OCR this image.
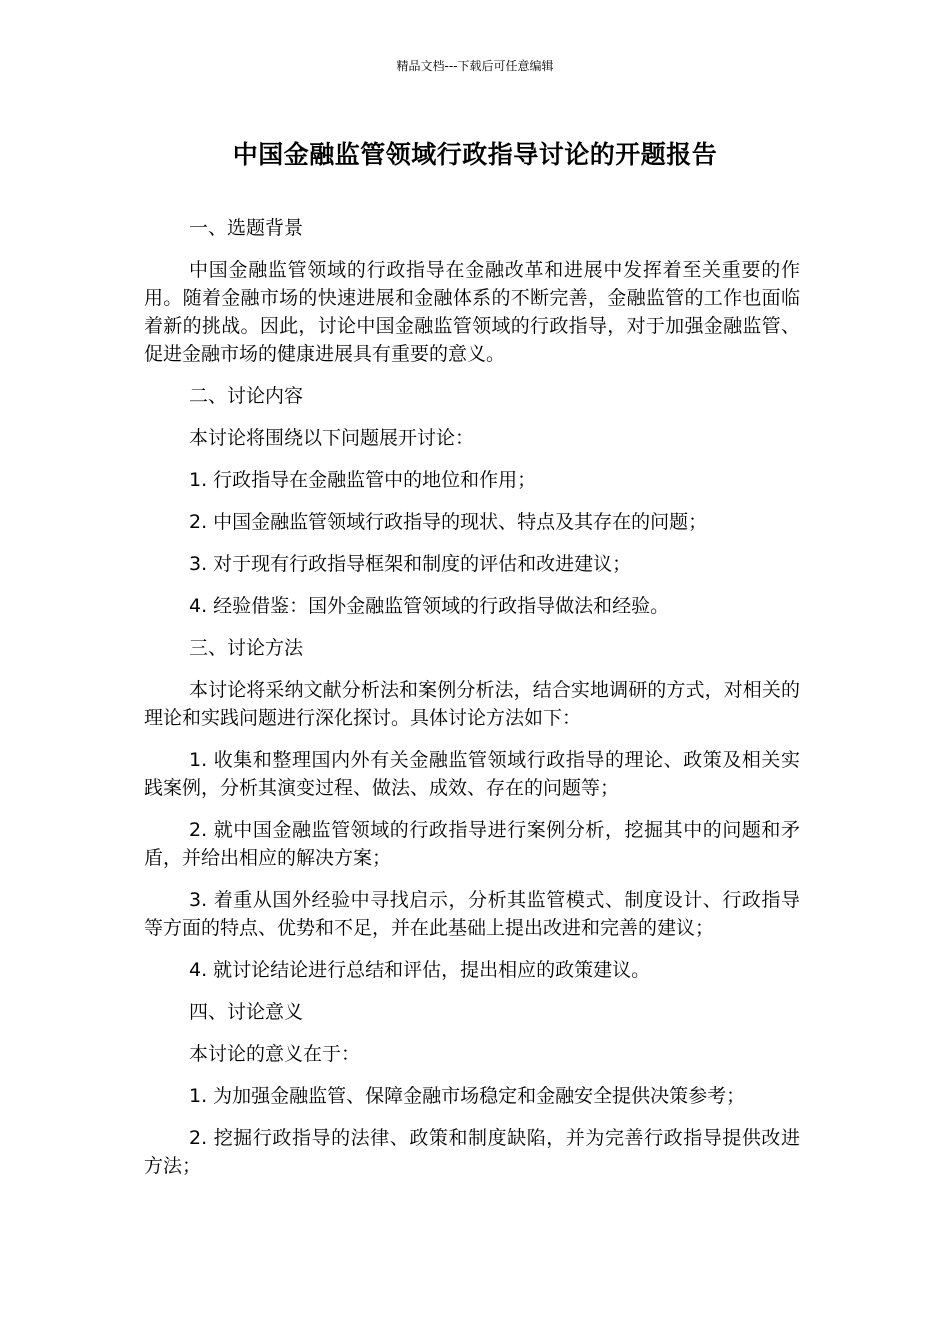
精品文档---下载后可任意编辑
中国金融监管领域行政指导讨论的开题报告

一、选题背景

中国金融监管领域的行政指导在金融改革和进展中发挥着至关重要的作用。随着金融市场的快速进展和金融体系的不断完善，金融监管的工作也面临着新的挑战。因此，讨论中国金融监管领域的行政指导，对于加强金融监管、促进金融市场的健康进展具有重要的意义。

二、讨论内容

本讨论将围绕以下问题展开讨论：

1. 行政指导在金融监管中的地位和作用；

2. 中国金融监管领域行政指导的现状、特点及其存在的问题；

3. 对于现有行政指导框架和制度的评估和改进建议；

4. 经验借鉴：国外金融监管领域的行政指导做法和经验。

三、讨论方法

本讨论将采纳文献分析法和案例分析法，结合实地调研的方式，对相关的理论和实践问题进行深化探讨。具体讨论方法如下：

1. 收集和整理国内外有关金融监管领域行政指导的理论、政策及相关实践案例，分析其演变过程、做法、成效、存在的问题等；

2. 就中国金融监管领域的行政指导进行案例分析，挖掘其中的问题和矛盾，并给出相应的解决方案；

3. 着重从国外经验中寻找启示，分析其监管模式、制度设计、行政指导等方面的特点、优势和不足，并在此基础上提出改进和完善的建议；

4. 就讨论结论进行总结和评估，提出相应的政策建议。

四、讨论意义

本讨论的意义在于：

1. 为加强金融监管、保障金融市场稳定和金融安全提供决策参考；

2. 挖掘行政指导的法律、政策和制度缺陷，并为完善行政指导提供改进方法；
